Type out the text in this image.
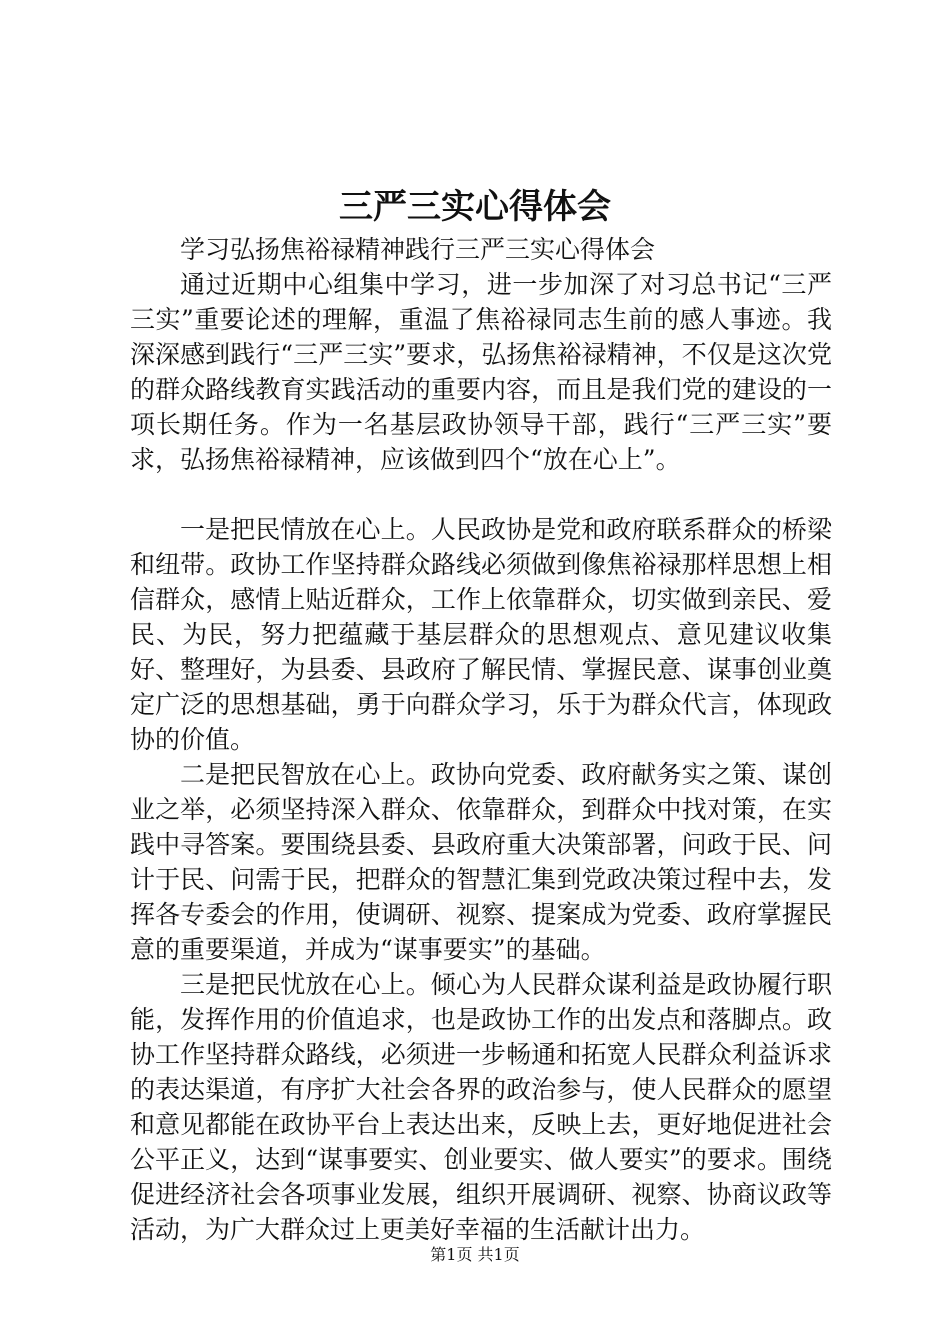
三严三实心得体会

学习弘扬焦裕禄精神践行三严三实心得体会

通过近期中心组集中学习，进一步加深了对习总书记“三严三实”重要论述的理解，重温了焦裕禄同志生前的感人事迹。我深深感到践行“三严三实”要求，弘扬焦裕禄精神，不仅是这次党的群众路线教育实践活动的重要内容，而且是我们党的建设的一项长期任务。作为一名基层政协领导干部，践行“三严三实”要求，弘扬焦裕禄精神，应该做到四个“放在心上”。

一是把民情放在心上。人民政协是党和政府联系群众的桥梁和纽带。政协工作坚持群众路线必须做到像焦裕禄那样思想上相信群众，感情上贴近群众，工作上依靠群众，切实做到亲民、爱民、为民，努力把蕴藏于基层群众的思想观点、意见建议收集好、整理好，为县委、县政府了解民情、掌握民意、谋事创业奠定广泛的思想基础，勇于向群众学习，乐于为群众代言，体现政协的价值。

二是把民智放在心上。政协向党委、政府献务实之策、谋创业之举，必须坚持深入群众、依靠群众，到群众中找对策，在实践中寻答案。要围绕县委、县政府重大决策部署，问政于民、问计于民、问需于民，把群众的智慧汇集到党政决策过程中去，发挥各专委会的作用，使调研、视察、提案成为党委、政府掌握民意的重要渠道，并成为“谋事要实”的基础。

三是把民忧放在心上。倾心为人民群众谋利益是政协履行职能，发挥作用的价值追求，也是政协工作的出发点和落脚点。政协工作坚持群众路线，必须进一步畅通和拓宽人民群众利益诉求的表达渠道，有序扩大社会各界的政治参与，使人民群众的愿望和意见都能在政协平台上表达出来，反映上去，更好地促进社会公平正义，达到“谋事要实、创业要实、做人要实”的要求。围绕促进经济社会各项事业发展，组织开展调研、视察、协商议政等活动，为广大群众过上更美好幸福的生活献计出力。

第1页 共1页
